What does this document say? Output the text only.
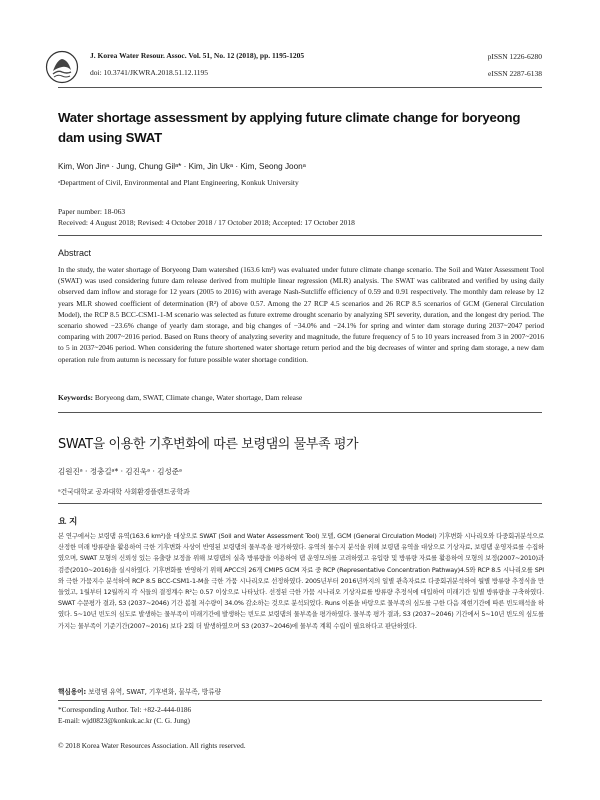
J. Korea Water Resour. Assoc. Vol. 51, No. 12 (2018), pp. 1195-1205
doi: 10.3741/JKWRA.2018.51.12.1195
pISSN 1226-6280
eISSN 2287-6138
Water shortage assessment by applying future climate change for boryeong dam using SWAT
Kim, Won Jinᵃ · Jung, Chung Gilᵃ* · Kim, Jin Ukᵃ · Kim, Seong Joonᵃ
ᵃDepartment of Civil, Environmental and Plant Engineering, Konkuk University
Paper number: 18-063
Received: 4 August 2018; Revised: 4 October 2018 / 17 October 2018; Accepted: 17 October 2018
Abstract
In the study, the water shortage of Boryeong Dam watershed (163.6 km²) was evaluated under future climate change scenario. The Soil and Water Assessment Tool (SWAT) was used considering future dam release derived from multiple linear regression (MLR) analysis. The SWAT was calibrated and verified by using daily observed dam inflow and storage for 12 years (2005 to 2016) with average Nash-Sutcliffe efficiency of 0.59 and 0.91 respectively. The monthly dam release by 12 years MLR showed coefficient of determination (R²) of above 0.57. Among the 27 RCP 4.5 scenarios and 26 RCP 8.5 scenarios of GCM (General Circulation Model), the RCP 8.5 BCC-CSM1-1-M scenario was selected as future extreme drought scenario by analyzing SPI severity, duration, and the longest dry period. The scenario showed −23.6% change of yearly dam storage, and big changes of −34.0% and −24.1% for spring and winter dam storage during 2037~2047 period comparing with 2007~2016 period. Based on Runs theory of analyzing severity and magnitude, the future frequency of 5 to 10 years increased from 3 in 2007~2016 to 5 in 2037~2046 period. When considering the future shortened water shortage return period and the big decreases of winter and spring dam storage, a new dam operation rule from autumn is necessary for future possible water shortage condition.
Keywords: Boryeong dam, SWAT, Climate change, Water shortage, Dam release
SWAT을 이용한 기후변화에 따른 보령댐의 물부족 평가
김원진ᵃ · 정충길ᵃ* · 김진욱ᵃ · 김성준ᵃ
ᵃ건국대학교 공과대학 사회환경플랜트공학과
요 지
본 연구에서는 보령댐 유역(163.6 km²)을 대상으로 SWAT (Soil and Water Assessment Tool) 모델, GCM (General Circulation Model) 기후변화 시나리오와 다중회귀분석으로 산정한 미래 방류량을 활용하여 극한 기후변화 사상이 반영된 보령댐의 물부족을 평가하였다. 유역의 물수지 분석을 위해 보령댐 유역을 대상으로 기상자료, 보령댐 운영자료를 수집하였으며, SWAT 모형의 신뢰성 있는 유출량 보정을 위해 보령댐의 실측 방류량을 이용하여 댐 운영모의를 고려하였고 유입량 및 방류량 자료를 활용하여 모형의 보정(2007~2010)과 검증(2010~2016)을 실시하였다. 기후변화를 반영하기 위해 APCC의 26개 CMIP5 GCM 자료 중 RCP (Representative Concentration Pathway)4.5와 RCP 8.5 시나리오를 SPI와 극한 가뭄지수 분석하여 RCP 8.5 BCC-CSM1-1-M을 극한 가뭄 시나리오로 선정하였다. 2005년부터 2016년까지의 일별 관측자료로 다중회귀분석하여 월별 방류량 추정식을 만들었고, 1월부터 12월까지 각 식들의 결정계수 R²는 0.57 이상으로 나타났다. 선정된 극한 가뭄 시나리오 기상자료를 방류량 추정식에 대입하여 미래기간 일별 방류량을 구축하였다. SWAT 수문평가 결과, S3 (2037~2046) 기간 봄철 저수량이 34.0% 감소하는 것으로 분석되었다. Runs 이론을 바탕으로 물부족의 심도를 구한 다음 재현기간에 따른 빈도해석을 하였다. 5~10년 빈도의 심도로 발생하는 물부족이 미래기간에 발생하는 빈도로 보령댐의 물부족을 평가하였다. 물부족 평가 결과, S3 (2037~2046) 기간에서 5~10년 빈도의 심도를 가지는 물부족이 기준기간(2007~2016) 보다 2회 더 발생하였으며 S3 (2037~2046)에 물부족 계획 수립이 필요하다고 판단하였다.
핵심용어: 보령댐 유역, SWAT, 기후변화, 물부족, 방류량
*Corresponding Author. Tel: +82-2-444-0186
E-mail: wjd0823@konkuk.ac.kr (C. G. Jung)
© 2018 Korea Water Resources Association. All rights reserved.
